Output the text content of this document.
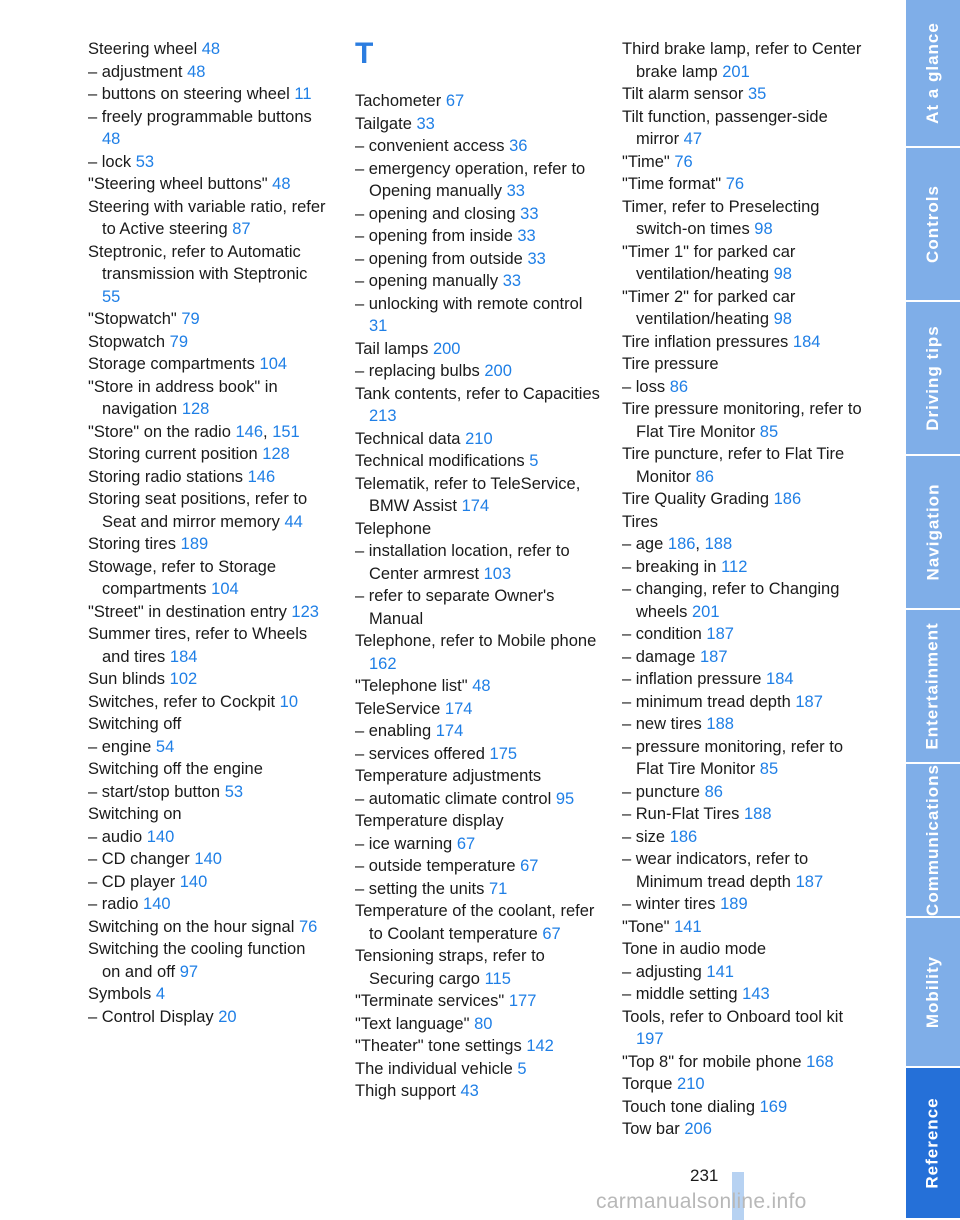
Steering wheel 48
– adjustment 48
– buttons on steering wheel 11
– freely programmable buttons 48
– lock 53
"Steering wheel buttons" 48
Steering with variable ratio, refer to Active steering 87
Steptronic, refer to Automatic transmission with Steptronic 55
"Stopwatch" 79
Stopwatch 79
Storage compartments 104
"Store in address book" in navigation 128
"Store" on the radio 146, 151
Storing current position 128
Storing radio stations 146
Storing seat positions, refer to Seat and mirror memory 44
Storing tires 189
Stowage, refer to Storage compartments 104
"Street" in destination entry 123
Summer tires, refer to Wheels and tires 184
Sun blinds 102
Switches, refer to Cockpit 10
Switching off
– engine 54
Switching off the engine
– start/stop button 53
Switching on
– audio 140
– CD changer 140
– CD player 140
– radio 140
Switching on the hour signal 76
Switching the cooling function on and off 97
Symbols 4
– Control Display 20
T
Tachometer 67
Tailgate 33
– convenient access 36
– emergency operation, refer to Opening manually 33
– opening and closing 33
– opening from inside 33
– opening from outside 33
– opening manually 33
– unlocking with remote control 31
Tail lamps 200
– replacing bulbs 200
Tank contents, refer to Capacities 213
Technical data 210
Technical modifications 5
Telematik, refer to TeleService, BMW Assist 174
Telephone
– installation location, refer to Center armrest 103
– refer to separate Owner's Manual
Telephone, refer to Mobile phone 162
"Telephone list" 48
TeleService 174
– enabling 174
– services offered 175
Temperature adjustments
– automatic climate control 95
Temperature display
– ice warning 67
– outside temperature 67
– setting the units 71
Temperature of the coolant, refer to Coolant temperature 67
Tensioning straps, refer to Securing cargo 115
"Terminate services" 177
"Text language" 80
"Theater" tone settings 142
The individual vehicle 5
Thigh support 43
Third brake lamp, refer to Center brake lamp 201
Tilt alarm sensor 35
Tilt function, passenger-side mirror 47
"Time" 76
"Time format" 76
Timer, refer to Preselecting switch-on times 98
"Timer 1" for parked car ventilation/heating 98
"Timer 2" for parked car ventilation/heating 98
Tire inflation pressures 184
Tire pressure
– loss 86
Tire pressure monitoring, refer to Flat Tire Monitor 85
Tire puncture, refer to Flat Tire Monitor 86
Tire Quality Grading 186
Tires
– age 186, 188
– breaking in 112
– changing, refer to Changing wheels 201
– condition 187
– damage 187
– inflation pressure 184
– minimum tread depth 187
– new tires 188
– pressure monitoring, refer to Flat Tire Monitor 85
– puncture 86
– Run-Flat Tires 188
– size 186
– wear indicators, refer to Minimum tread depth 187
– winter tires 189
"Tone" 141
Tone in audio mode
– adjusting 141
– middle setting 143
Tools, refer to Onboard tool kit 197
"Top 8" for mobile phone 168
Torque 210
Touch tone dialing 169
Tow bar 206
At a glance
Controls
Driving tips
Navigation
Entertainment
Communications
Mobility
Reference
231
carmanualsonline.info
